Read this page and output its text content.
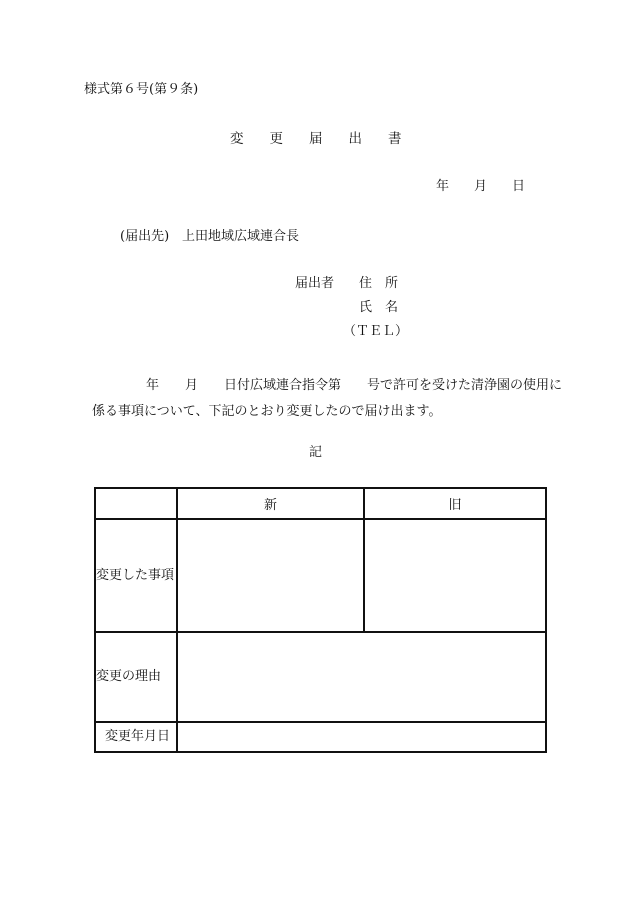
様式第６号(第９条)
変 更 届 出 書
年 月 日
(届出先) 上田地域広域連合長
届出者 住　所
氏　名
（ＴＥＬ）
年　　月　　日付広域連合指令第　　号で許可を受けた清浄園の使用に
係る事項について、下記のとおり変更したので届け出ます。
記
	新	旧
変更した事項		
変更の理由		
変更年月日		
